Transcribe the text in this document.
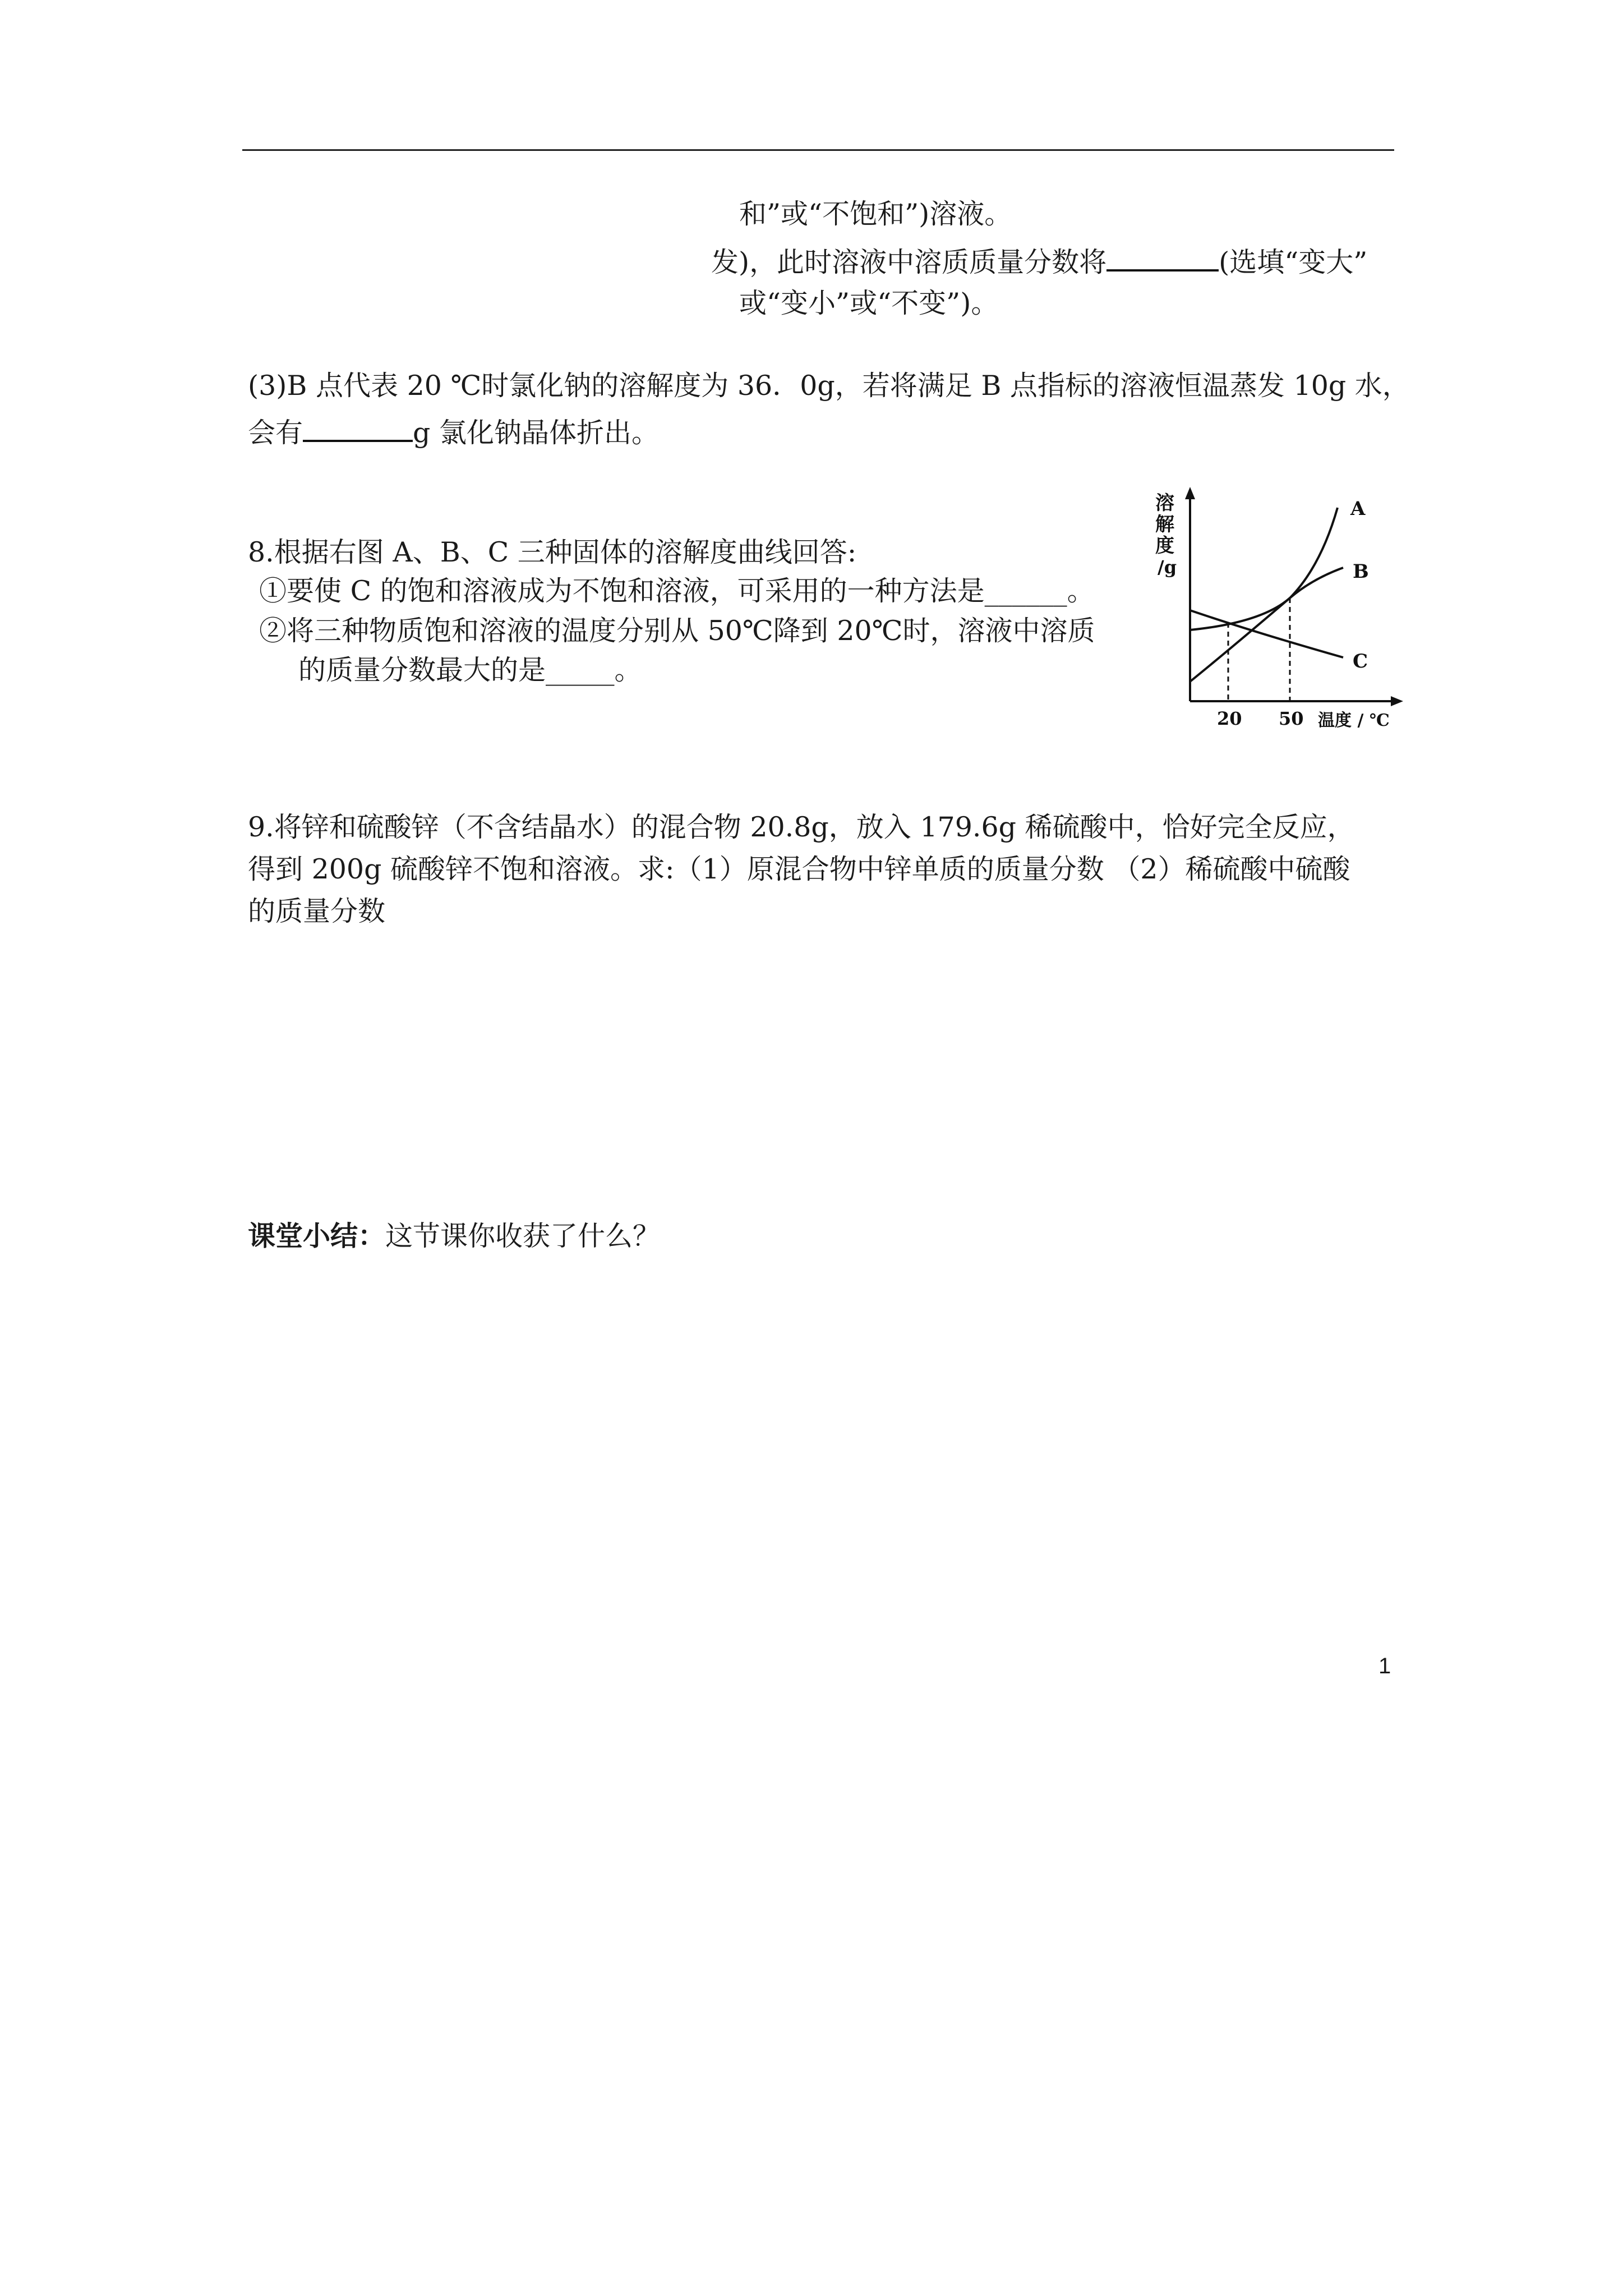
和”或“不饱和”)溶液。
发)，此时溶液中溶质质量分数将	(选填“变大”
或“变小”或“不变”)。
(3)B 点代表 20 ℃时氯化钠的溶解度为 36．0g，若将满足 B 点指标的溶液恒温蒸发 10g 水，
会有	g 氯化钠晶体折出。
8.根据右图 A、B、C 三种固体的溶解度曲线回答:
①要使 C 的饱和溶液成为不饱和溶液，可采用的一种方法是______。
②将三种物质饱和溶液的温度分别从 50℃降到 20℃时，溶液中溶质
的质量分数最大的是_____。
溶
解
度
/g
A
B
C
20 50 温度 / ℃
9.将锌和硫酸锌（不含结晶水）的混合物 20.8g，放入 179.6g 稀硫酸中，恰好完全反应，
得到 200g 硫酸锌不饱和溶液。求:（1）原混合物中锌单质的质量分数 （2）稀硫酸中硫酸
的质量分数
课堂小结：这节课你收获了什么？
1
